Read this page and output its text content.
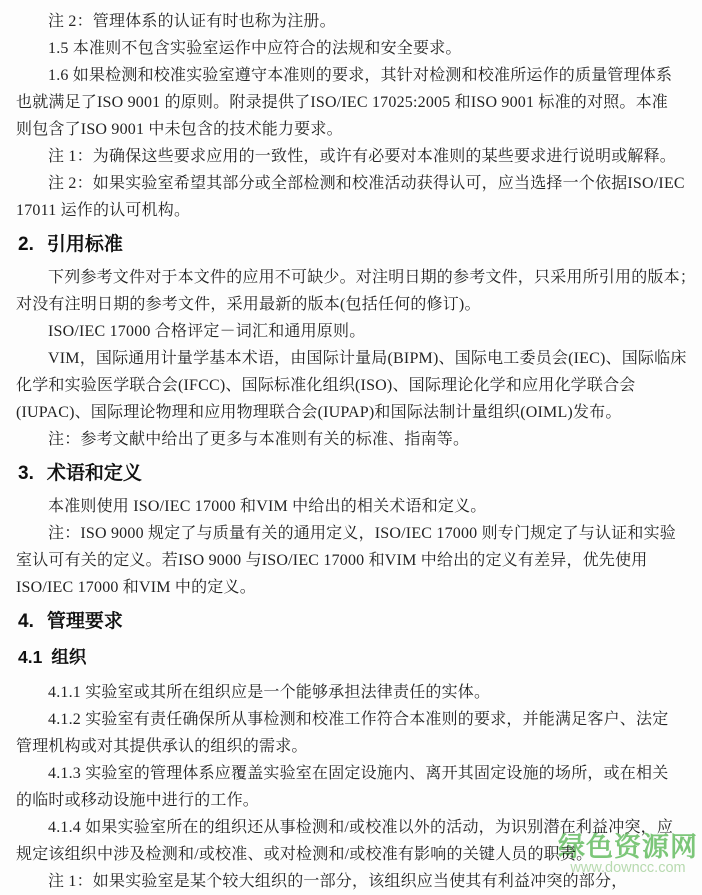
注 2：管理体系的认证有时也称为注册。
1.5 本准则不包含实验室运作中应符合的法规和安全要求。
1.6 如果检测和校准实验室遵守本准则的要求，其针对检测和校准所运作的质量管理体系
也就满足了ISO 9001 的原则。附录提供了ISO/IEC 17025:2005 和ISO 9001 标准的对照。本准
则包含了ISO 9001 中未包含的技术能力要求。
注 1：为确保这些要求应用的一致性，或许有必要对本准则的某些要求进行说明或解释。
注 2：如果实验室希望其部分或全部检测和校准活动获得认可，应当选择一个依据ISO/IEC
17011 运作的认可机构。
2. 引用标准
下列参考文件对于本文件的应用不可缺少。对注明日期的参考文件，只采用所引用的版本；
对没有注明日期的参考文件，采用最新的版本(包括任何的修订)。
ISO/IEC 17000 合格评定－词汇和通用原则。
VIM，国际通用计量学基本术语，由国际计量局(BIPM)、国际电工委员会(IEC)、国际临床
化学和实验医学联合会(IFCC)、国际标准化组织(ISO)、国际理论化学和应用化学联合会
(IUPAC)、国际理论物理和应用物理联合会(IUPAP)和国际法制计量组织(OIML)发布。
注：参考文献中给出了更多与本准则有关的标准、指南等。
3. 术语和定义
本准则使用 ISO/IEC 17000 和VIM 中给出的相关术语和定义。
注：ISO 9000 规定了与质量有关的通用定义，ISO/IEC 17000 则专门规定了与认证和实验
室认可有关的定义。若ISO 9000 与ISO/IEC 17000 和VIM 中给出的定义有差异，优先使用
ISO/IEC 17000 和VIM 中的定义。
4. 管理要求
4.1 组织
4.1.1 实验室或其所在组织应是一个能够承担法律责任的实体。
4.1.2 实验室有责任确保所从事检测和校准工作符合本准则的要求，并能满足客户、法定
管理机构或对其提供承认的组织的需求。
4.1.3 实验室的管理体系应覆盖实验室在固定设施内、离开其固定设施的场所，或在相关
的临时或移动设施中进行的工作。
4.1.4 如果实验室所在的组织还从事检测和/或校准以外的活动，为识别潜在利益冲突，应
规定该组织中涉及检测和/或校准、或对检测和/或校准有影响的关键人员的职责。
注 1：如果实验室是某个较大组织的一部分，该组织应当使其有利益冲突的部分，
绿色资源网
www.downcc.com
